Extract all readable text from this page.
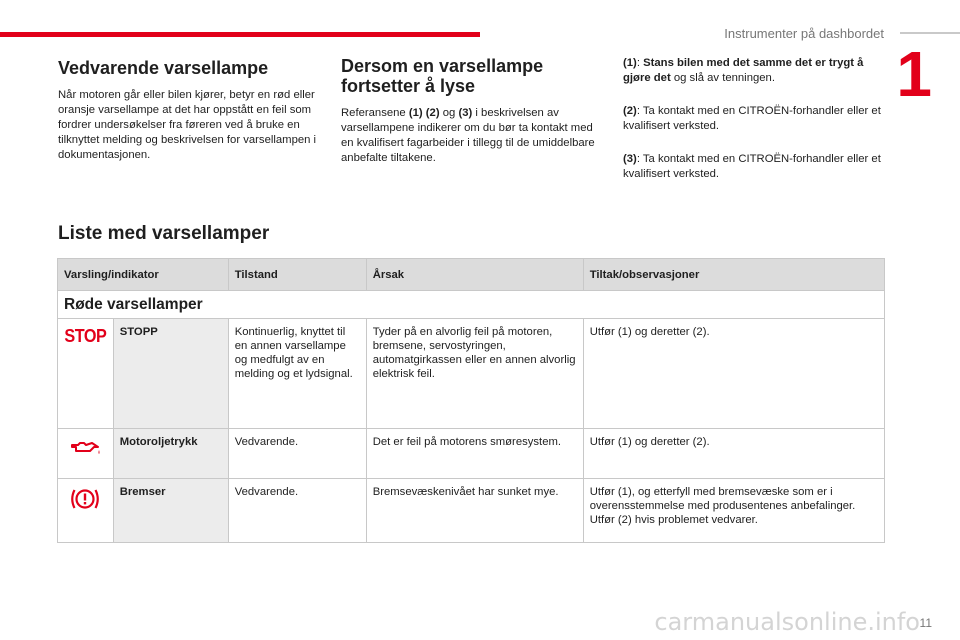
Instrumenter på dashbordet
1
Vedvarende varsellampe

Når motoren går eller bilen kjører, betyr en rød eller oransje varsellampe at det har oppstått en feil som fordrer undersøkelser fra føreren ved å bruke en tilknyttet melding og beskrivelsen for varsellampen i dokumentasjonen.

Dersom en varsellampe fortsetter å lyse

Referansene (1) (2) og (3) i beskrivelsen av varsellampene indikerer om du bør ta kontakt med en kvalifisert fagarbeider i tillegg til de umiddelbare anbefalte tiltakene.

(1): Stans bilen med det samme det er trygt å gjøre det og slå av tenningen.

(2): Ta kontakt med en CITROËN-forhandler eller et kvalifisert verksted.

(3): Ta kontakt med en CITROËN-forhandler eller et kvalifisert verksted.

Liste med varsellamper
Varsling/indikator		Tilstand	Årsak	Tiltak/observasjoner
Røde varsellamper				
STOP	STOPP	Kontinuerlig, knyttet til en annen varsellampe og medfulgt av en melding og et lydsignal.	Tyder på en alvorlig feil på motoren, bremsene, servostyringen, automatgirkassen eller en annen alvorlig elektrisk feil.	Utfør (1) og deretter (2).
	Motoroljetrykk	Vedvarende.	Det er feil på motorens smøresystem.	Utfør (1) og deretter (2).
	Bremser	Vedvarende.	Bremsevæskenivået har sunket mye.	Utfør (1), og etterfyll med bremsevæske som er i overensstemmelse med produsentenes anbefalinger.
Utfør (2) hvis problemet vedvarer.
carmanualsonline.info 11
